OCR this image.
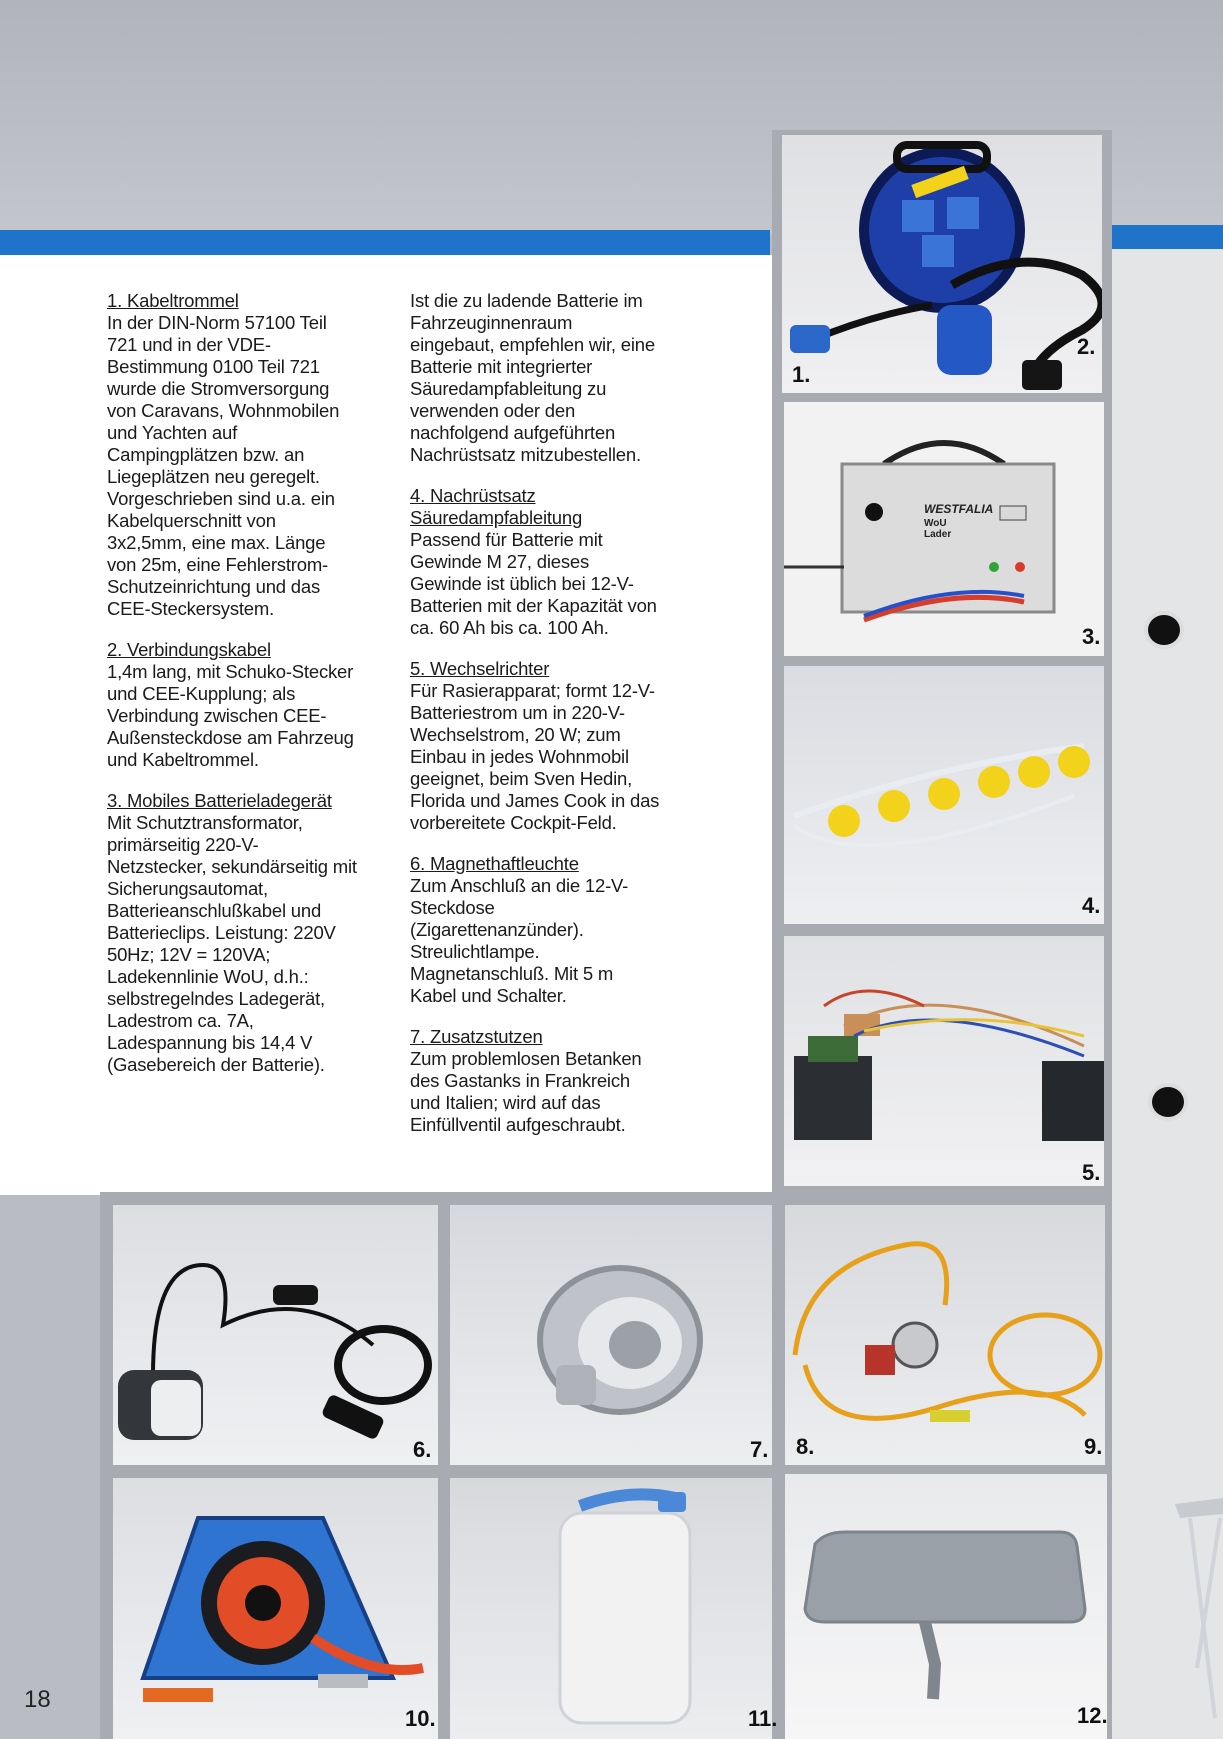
1. Kabeltrommel
In der DIN-Norm 57100 Teil 721 und in der VDE-Bestimmung 0100 Teil 721 wurde die Stromversorgung von Caravans, Wohnmobilen und Yachten auf Campingplätzen bzw. an Liegeplätzen neu geregelt. Vorgeschrieben sind u.a. ein Kabelquerschnitt von 3x2,5mm, eine max. Länge von 25m, eine Fehlerstrom-Schutzeinrichtung und das CEE-Steckersystem.
2. Verbindungskabel
1,4m lang, mit Schuko-Stecker und CEE-Kupplung; als Verbindung zwischen CEE-Außensteckdose am Fahrzeug und Kabeltrommel.
3. Mobiles Batterieladegerät
Mit Schutztransformator, primärseitig 220-V-Netzstecker, sekundärseitig mit Sicherungsautomat, Batterieanschlußkabel und Batterieclips. Leistung: 220V 50Hz; 12V = 120VA; Ladekennlinie WoU, d.h.: selbstregelndes Ladegerät, Ladestrom ca. 7A, Ladespannung bis 14,4 V (Gasebereich der Batterie).
Ist die zu ladende Batterie im Fahrzeuginnenraum eingebaut, empfehlen wir, eine Batterie mit integrierter Säuredampfableitung zu verwenden oder den nachfolgend aufgeführten Nachrüstsatz mitzubestellen.
4. Nachrüstsatz Säuredampfableitung
Passend für Batterie mit Gewinde M 27, dieses Gewinde ist üblich bei 12-V-Batterien mit der Kapazität von ca. 60 Ah bis ca. 100 Ah.
5. Wechselrichter
Für Rasierapparat; formt 12-V-Batteriestrom um in 220-V-Wechselstrom, 20 W; zum Einbau in jedes Wohnmobil geeignet, beim Sven Hedin, Florida und James Cook in das vorbereitete Cockpit-Feld.
6. Magnethaftleuchte
Zum Anschluß an die 12-V-Steckdose (Zigarettenanzünder). Streulichtlampe. Magnetanschluß. Mit 5 m Kabel und Schalter.
7. Zusatzstutzen
Zum problemlosen Betanken des Gastanks in Frankreich und Italien; wird auf das Einfüllventil aufgeschraubt.
1.
2.
WESTFALIA
WoU Lader
3.
4.
5.
6.	7. 8.	9.
10.	11.	12.
18
